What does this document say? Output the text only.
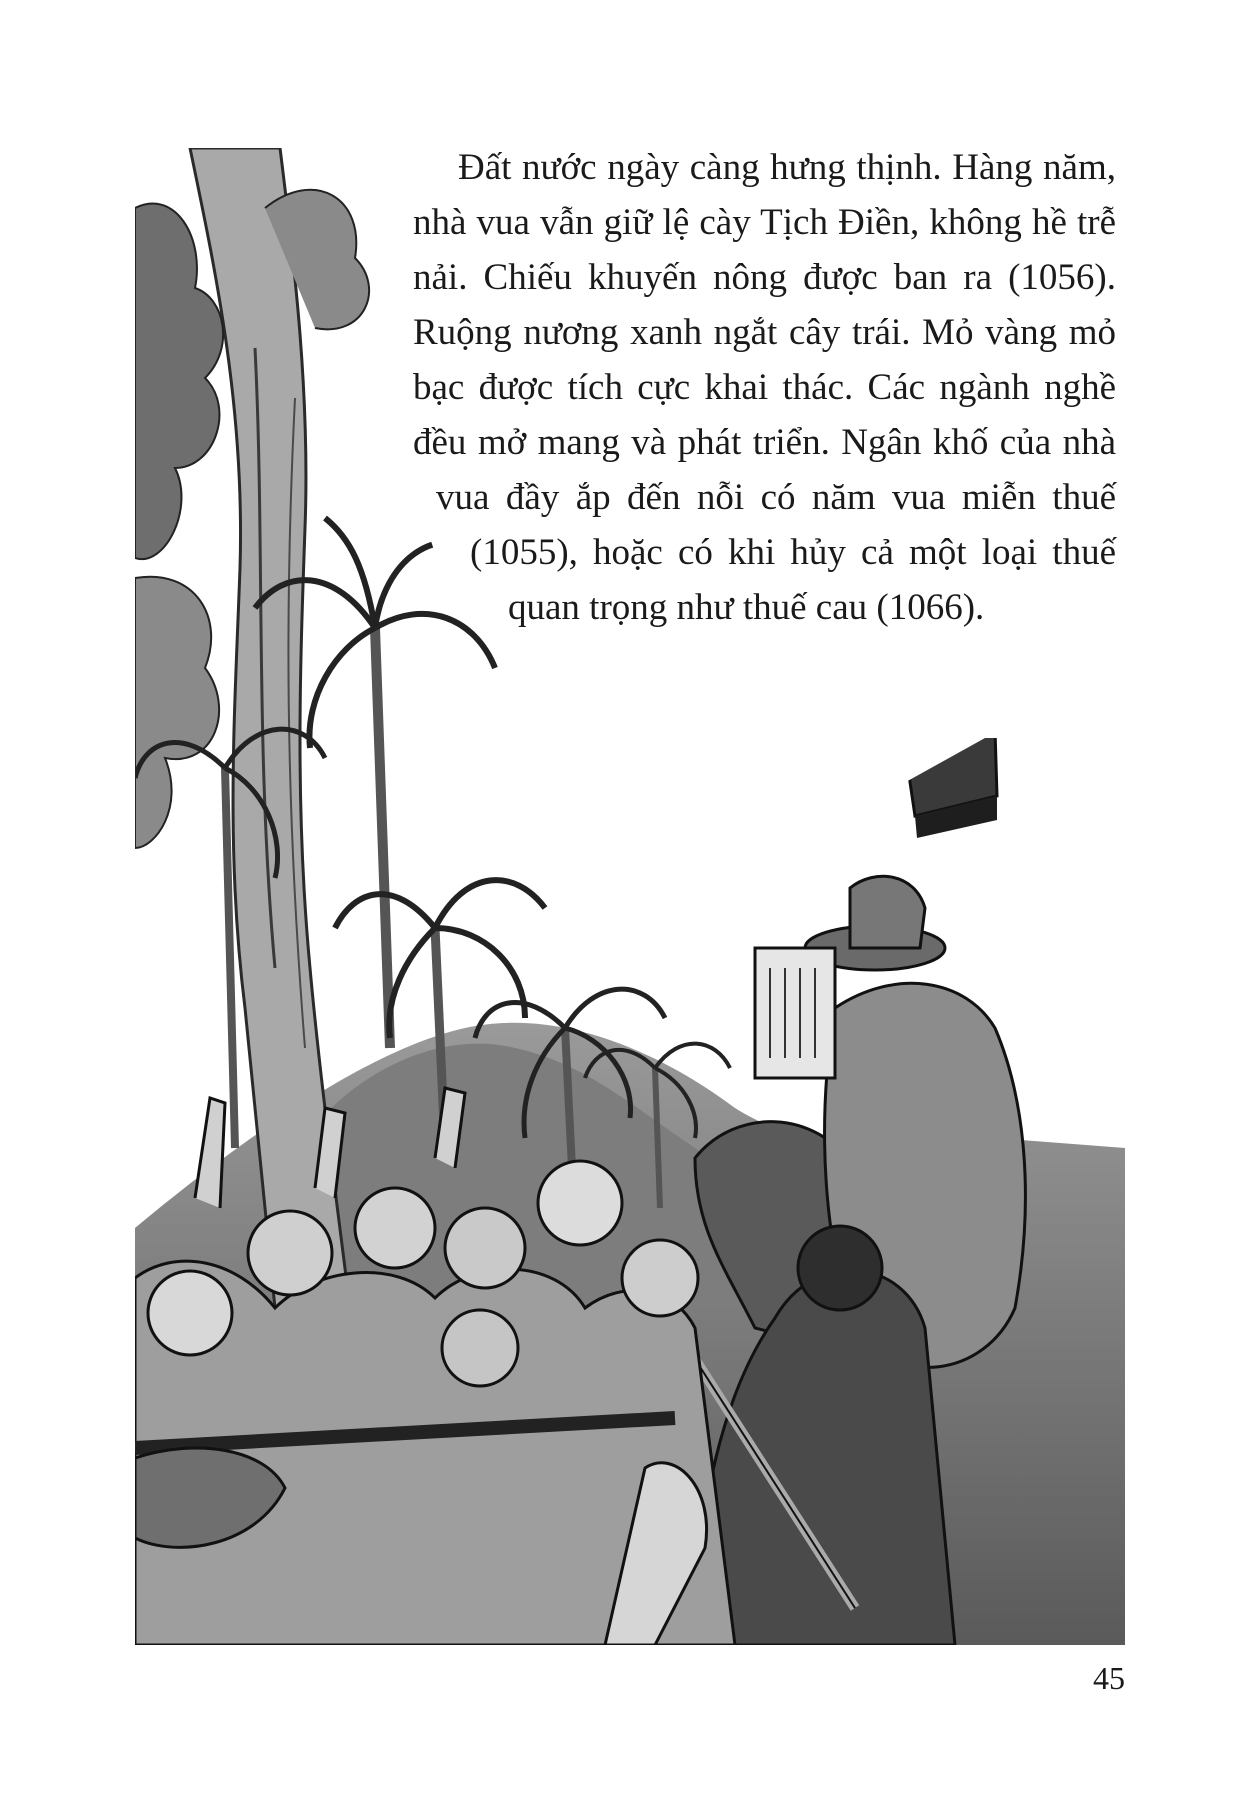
Đất nước ngày càng hưng thịnh. Hàng năm,
nhà vua vẫn giữ lệ cày Tịch Điền, không hề trễ
nải. Chiếu khuyến nông được ban ra (1056).
Ruộng nương xanh ngắt cây trái. Mỏ vàng mỏ
bạc được tích cực khai thác. Các ngành nghề
đều mở mang và phát triển. Ngân khố của nhà
vua đầy ắp đến nỗi có năm vua miễn thuế
(1055), hoặc có khi hủy cả một loại thuế
quan trọng như thuế cau (1066).
45
